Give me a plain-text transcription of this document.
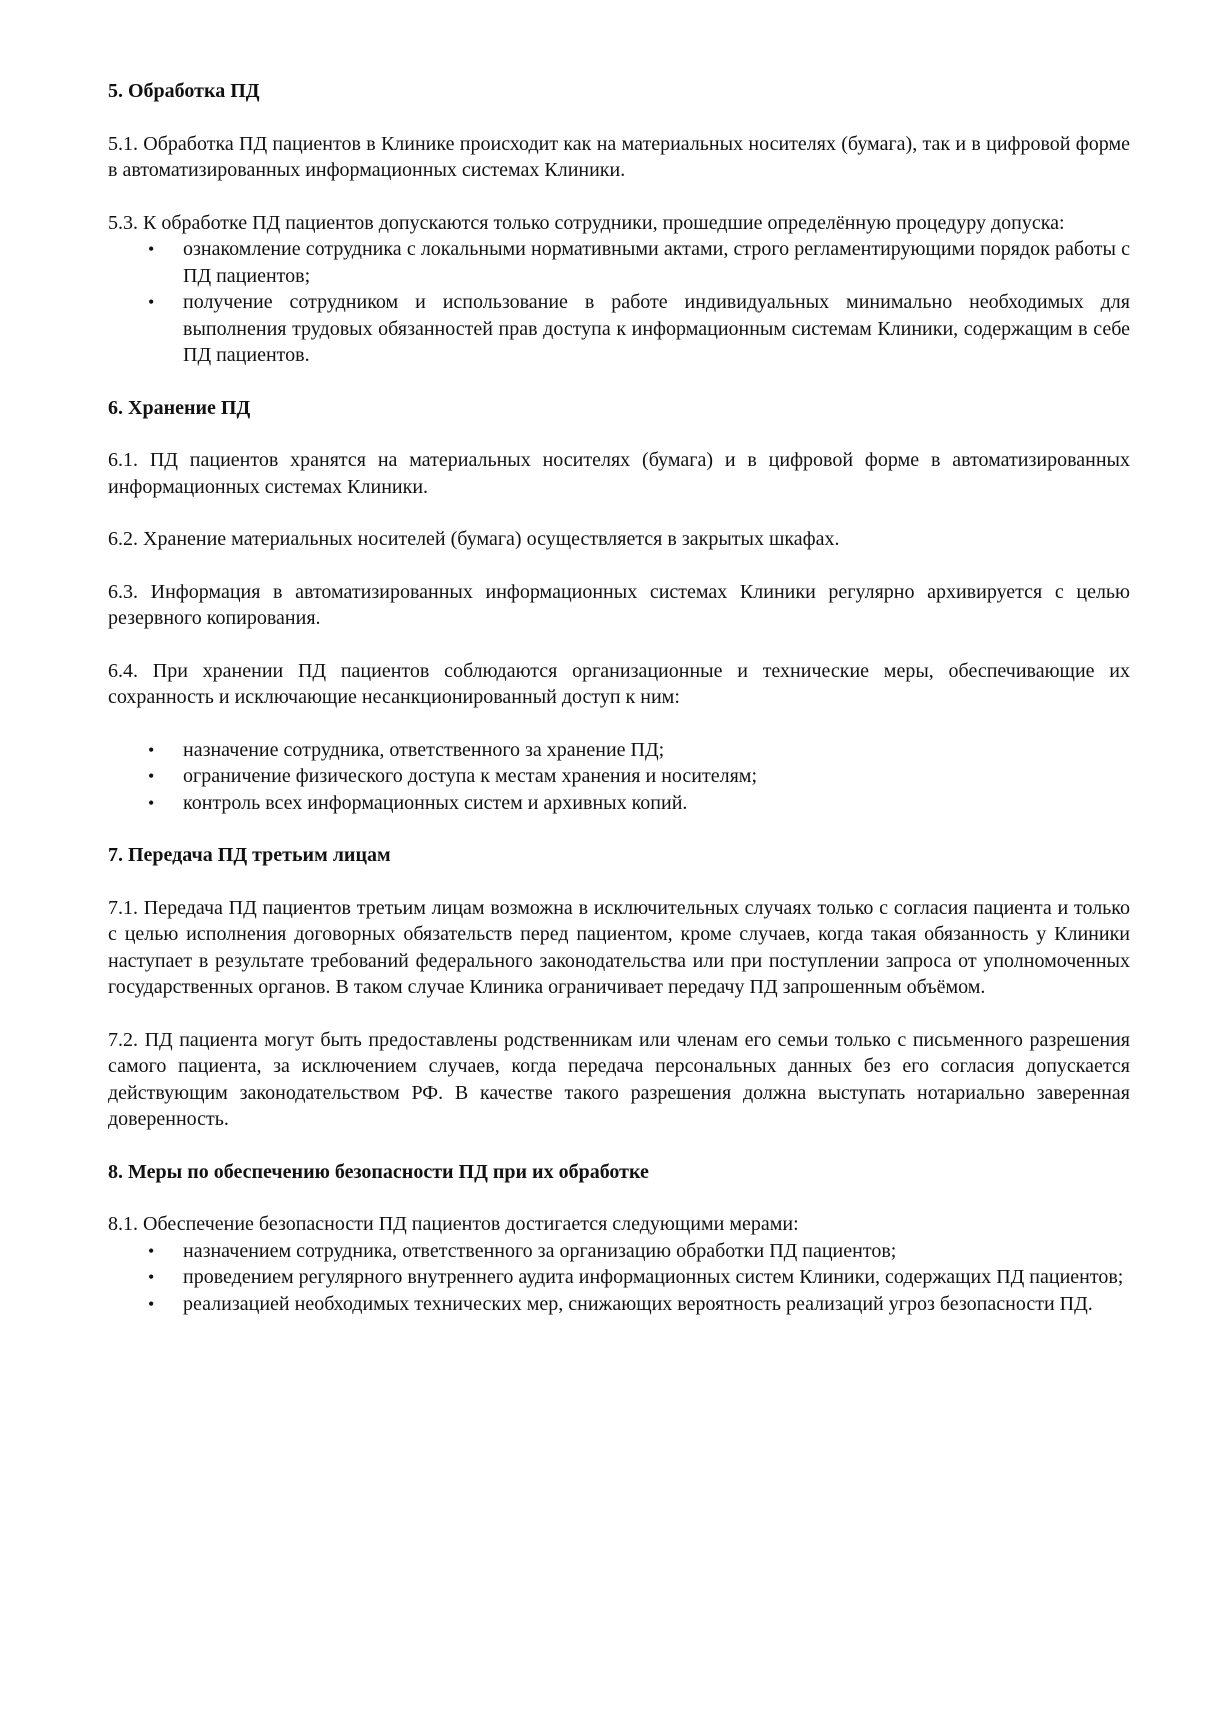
5. Обработка ПД

5.1. Обработка ПД пациентов в Клинике происходит как на материальных носителях (бумага), так и в цифровой форме в автоматизированных информационных системах Клиники.

5.3. К обработке ПД пациентов допускаются только сотрудники, прошедшие определённую процедуру допуска:

• ознакомление сотрудника с локальными нормативными актами, строго регламентирующими порядок работы с ПД пациентов;
• получение сотрудником и использование в работе индивидуальных минимально необходимых для выполнения трудовых обязанностей прав доступа к информационным системам Клиники, содержащим в себе ПД пациентов.
6. Хранение ПД

6.1. ПД пациентов хранятся на материальных носителях (бумага) и в цифровой форме в автоматизированных информационных системах Клиники.

6.2. Хранение материальных носителей (бумага) осуществляется в закрытых шкафах.

6.3. Информация в автоматизированных информационных системах Клиники регулярно архивируется с целью резервного копирования.

6.4. При хранении ПД пациентов соблюдаются организационные и технические меры, обеспечивающие их сохранность и исключающие несанкционированный доступ к ним:

• назначение сотрудника, ответственного за хранение ПД;
• ограничение физического доступа к местам хранения и носителям;
• контроль всех информационных систем и архивных копий.
7. Передача ПД третьим лицам

7.1. Передача ПД пациентов третьим лицам возможна в исключительных случаях только с согласия пациента и только с целью исполнения договорных обязательств перед пациентом, кроме случаев, когда такая обязанность у Клиники наступает в результате требований федерального законодательства или при поступлении запроса от уполномоченных государственных органов. В таком случае Клиника ограничивает передачу ПД запрошенным объёмом.

7.2. ПД пациента могут быть предоставлены родственникам или членам его семьи только с письменного разрешения самого пациента, за исключением случаев, когда передача персональных данных без его согласия допускается действующим законодательством РФ. В качестве такого разрешения должна выступать нотариально заверенная доверенность.

8. Меры по обеспечению безопасности ПД при их обработке

8.1. Обеспечение безопасности ПД пациентов достигается следующими мерами:

• назначением сотрудника, ответственного за организацию обработки ПД пациентов;
• проведением регулярного внутреннего аудита информационных систем Клиники, содержащих ПД пациентов;
• реализацией необходимых технических мер, снижающих вероятность реализаций угроз безопасности ПД.
